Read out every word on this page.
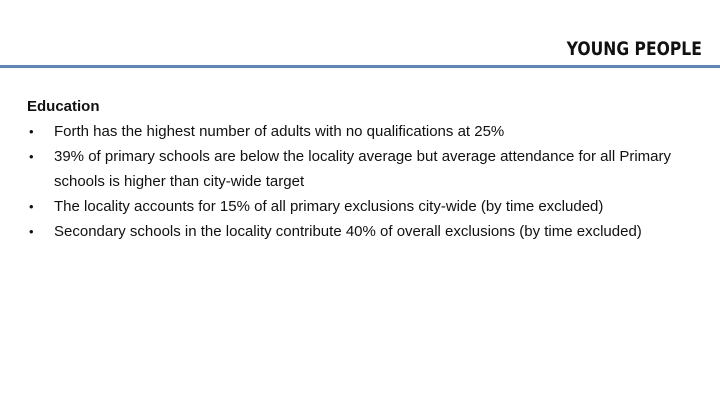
YOUNG PEOPLE

Education

• Forth has the highest number of adults with no qualifications at 25%
• 39% of primary schools are below the locality average but average attendance for all Primary schools is higher than city-wide target
• The locality accounts for 15% of all primary exclusions city-wide (by time excluded)
• Secondary schools in the locality contribute 40% of overall exclusions (by time excluded)
